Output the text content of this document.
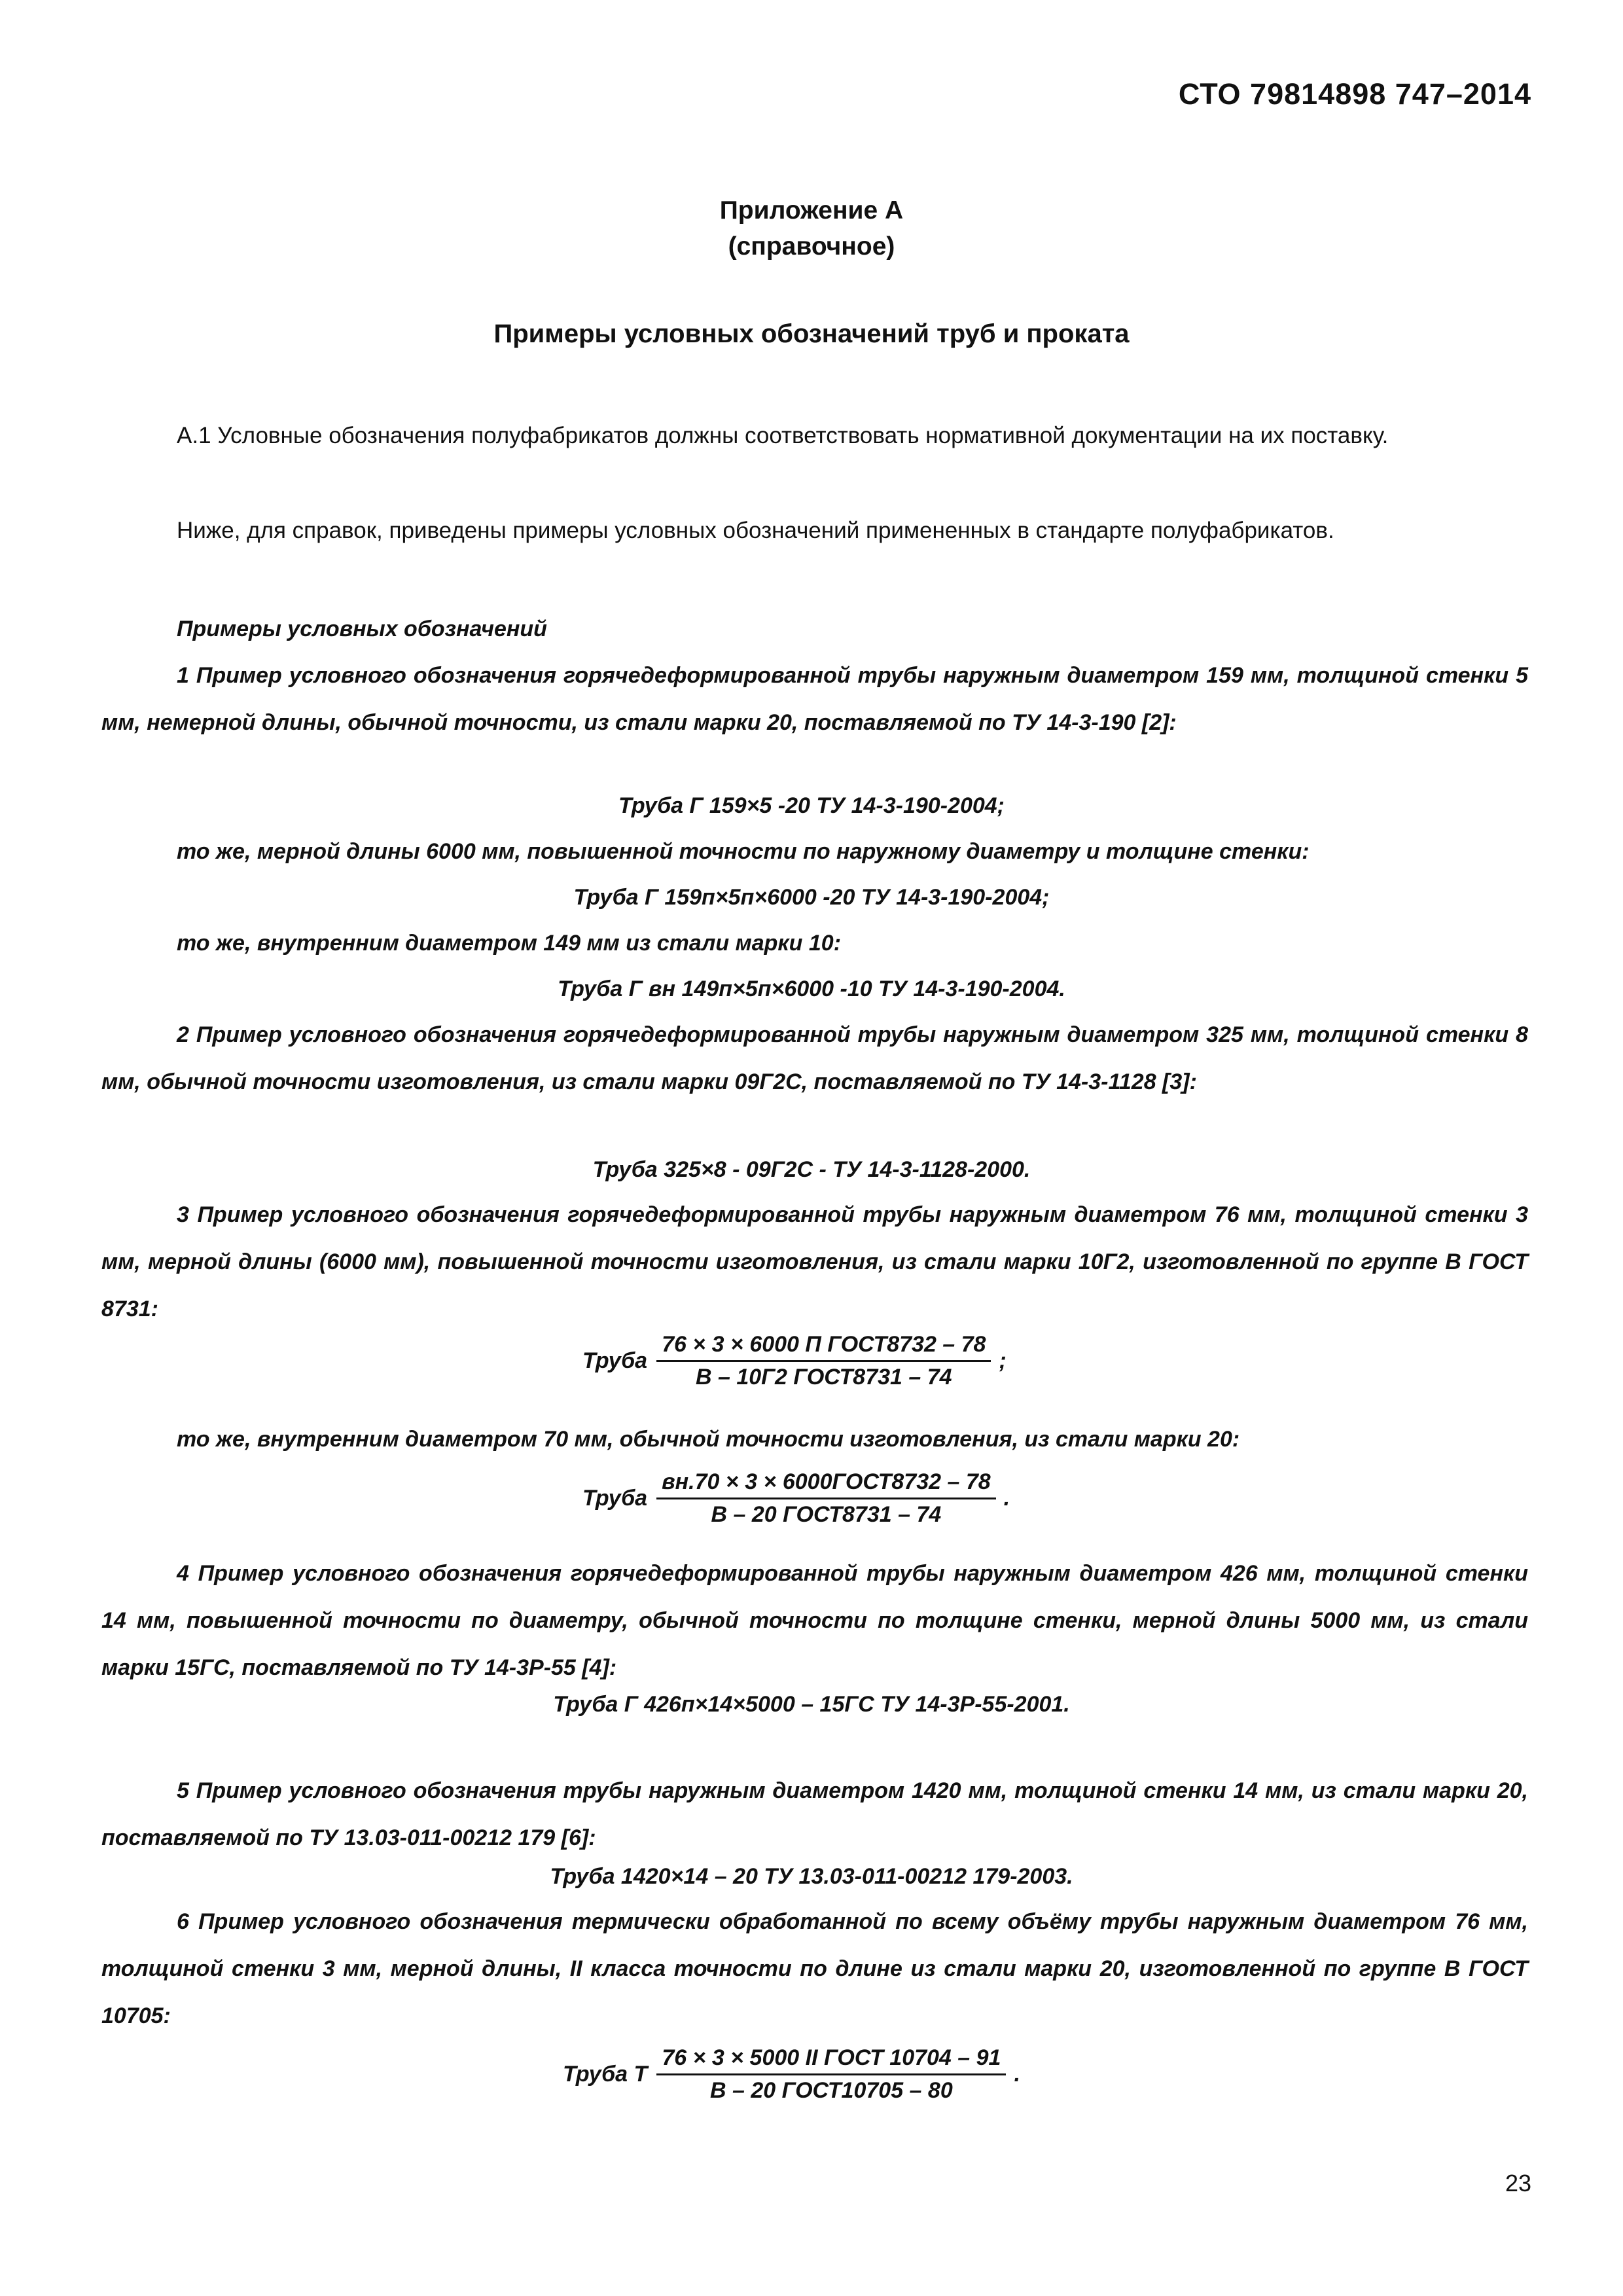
СТО 79814898 747–2014
Приложение А
(справочное)
Примеры условных обозначений труб и проката

А.1 Условные обозначения полуфабрикатов должны соответствовать нормативной документации на их поставку.

Ниже, для справок, приведены примеры условных обозначений примененных в стандарте полуфабрикатов.

Примеры условных обозначений

1 Пример условного обозначения горячедеформированной трубы наружным диаметром 159 мм, толщиной стенки 5 мм, немерной длины, обычной точности, из стали марки 20, поставляемой по ТУ 14-3-190 [2]:

Труба Г 159×5 -20 ТУ 14-3-190-2004;

то же, мерной длины 6000 мм, повышенной точности по наружному диаметру и толщине стенки:

Труба Г 159п×5п×6000 -20 ТУ 14-3-190-2004;

то же, внутренним диаметром 149 мм из стали марки 10:

Труба Г вн 149п×5п×6000 -10 ТУ 14-3-190-2004.

2 Пример условного обозначения горячедеформированной трубы наружным диаметром 325 мм, толщиной стенки 8 мм, обычной точности изготовления, из стали марки 09Г2С, поставляемой по ТУ 14-3-1128 [3]:

Труба 325×8 - 09Г2С - ТУ 14-3-1128-2000.

3 Пример условного обозначения горячедеформированной трубы наружным диаметром 76 мм, толщиной стенки 3 мм, мерной длины (6000 мм), повышенной точности изготовления, из стали марки 10Г2, изготовленной по группе В ГОСТ 8731:

Труба $\frac{\text{76 × 3 × 6000 П ГОСТ8732 – 78}}{\text{В – 10Г2 ГОСТ8731 – 74}}$ ;

то же, внутренним диаметром 70 мм, обычной точности изготовления, из стали марки 20:

Труба $\frac{\text{вн.70 × 3 × 6000ГОСТ8732 – 78}}{\text{В – 20 ГОСТ8731 – 74}}$ .

4 Пример условного обозначения горячедеформированной трубы наружным диаметром 426 мм, толщиной стенки 14 мм, повышенной точности по диаметру, обычной точности по толщине стенки, мерной длины 5000 мм, из стали марки 15ГС, поставляемой по ТУ 14-3Р-55 [4]:

Труба Г 426п×14×5000 – 15ГС ТУ 14-3Р-55-2001.

5 Пример условного обозначения трубы наружным диаметром 1420 мм, толщиной стенки 14 мм, из стали марки 20, поставляемой по ТУ 13.03-011-00212 179 [6]:

Труба 1420×14 – 20 ТУ 13.03-011-00212 179-2003.

6 Пример условного обозначения термически обработанной по всему объёму трубы наружным диаметром 76 мм, толщиной стенки 3 мм, мерной длины, II класса точности по длине из стали марки 20, изготовленной по группе В ГОСТ 10705:

Труба Т $\frac{\text{76 × 3 × 5000 II ГОСТ 10704 – 91}}{\text{В – 20 ГОСТ10705 – 80}}$ .
23
